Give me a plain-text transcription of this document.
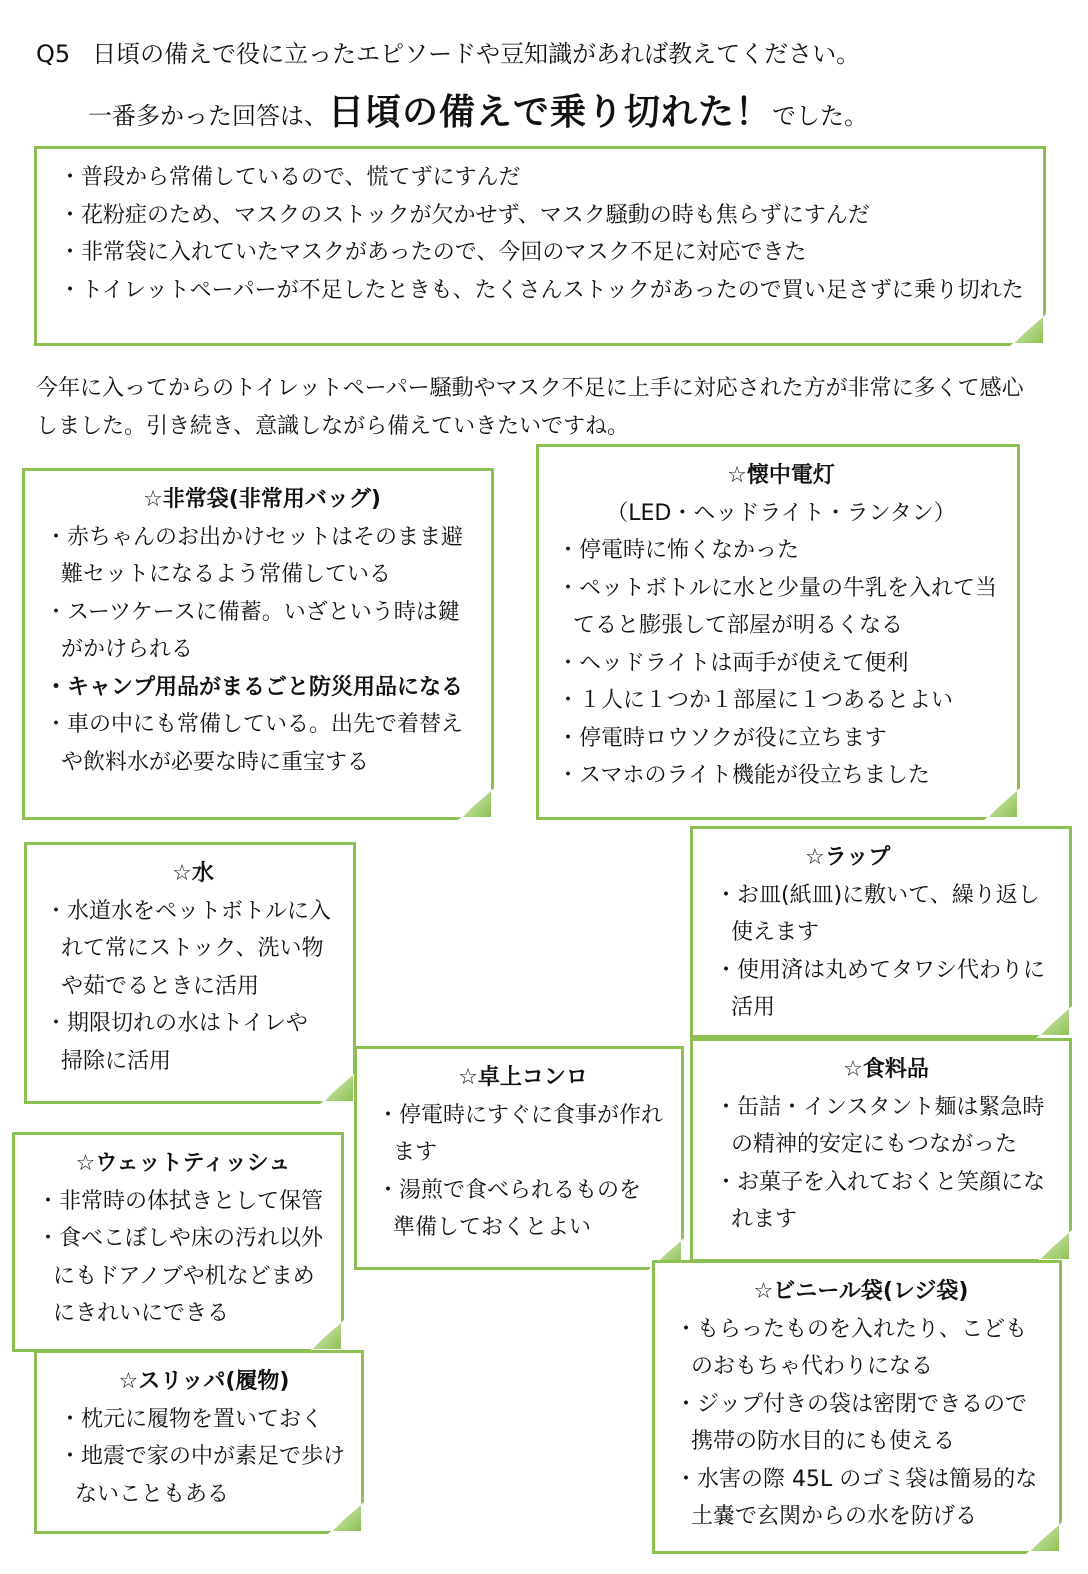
Q5 日頃の備えで役に立ったエピソードや豆知識があれば教えてください。
一番多かった回答は、日頃の備えで乗り切れた！でした。
・普段から常備しているので、慌てずにすんだ
・花粉症のため、マスクのストックが欠かせず、マスク騒動の時も焦らずにすんだ
・非常袋に入れていたマスクがあったので、今回のマスク不足に対応できた
・トイレットペーパーが不足したときも、たくさんストックがあったので買い足さずに乗り切れた
今年に入ってからのトイレットペーパー騒動やマスク不足に上手に対応された方が非常に多くて感心
しました。引き続き、意識しながら備えていきたいですね。
☆非常袋(非常用バッグ)
・赤ちゃんのお出かけセットはそのまま避難セットになるよう常備している
・スーツケースに備蓄。いざという時は鍵がかけられる
・キャンプ用品がまるごと防災用品になる
・車の中にも常備している。出先で着替えや飲料水が必要な時に重宝する
☆懐中電灯
（LED・ヘッドライト・ランタン）
・停電時に怖くなかった
・ペットボトルに水と少量の牛乳を入れて当てると膨張して部屋が明るくなる
・ヘッドライトは両手が使えて便利
・１人に１つか１部屋に１つあるとよい
・停電時ロウソクが役に立ちます
・スマホのライト機能が役立ちました
☆水
・水道水をペットボトルに入れて常にストック、洗い物や茹でるときに活用
・期限切れの水はトイレや　掃除に活用
☆ラップ
・お皿(紙皿)に敷いて、繰り返し使えます
・使用済は丸めてタワシ代わりに活用
☆卓上コンロ
・停電時にすぐに食事が作れます
・湯煎で食べられるものを　準備しておくとよい
☆食料品
・缶詰・インスタント麺は緊急時の精神的安定にもつながった
・お菓子を入れておくと笑顔になれます
☆ウェットティッシュ
・非常時の体拭きとして保管
・食べこぼしや床の汚れ以外にもドアノブや机などまめにきれいにできる
☆ビニール袋(レジ袋)
・もらったものを入れたり、こどものおもちゃ代わりになる
・ジップ付きの袋は密閉できるので携帯の防水目的にも使える
・水害の際 45L のゴミ袋は簡易的な土嚢で玄関からの水を防げる
☆スリッパ(履物)
・枕元に履物を置いておく
・地震で家の中が素足で歩けないこともある
